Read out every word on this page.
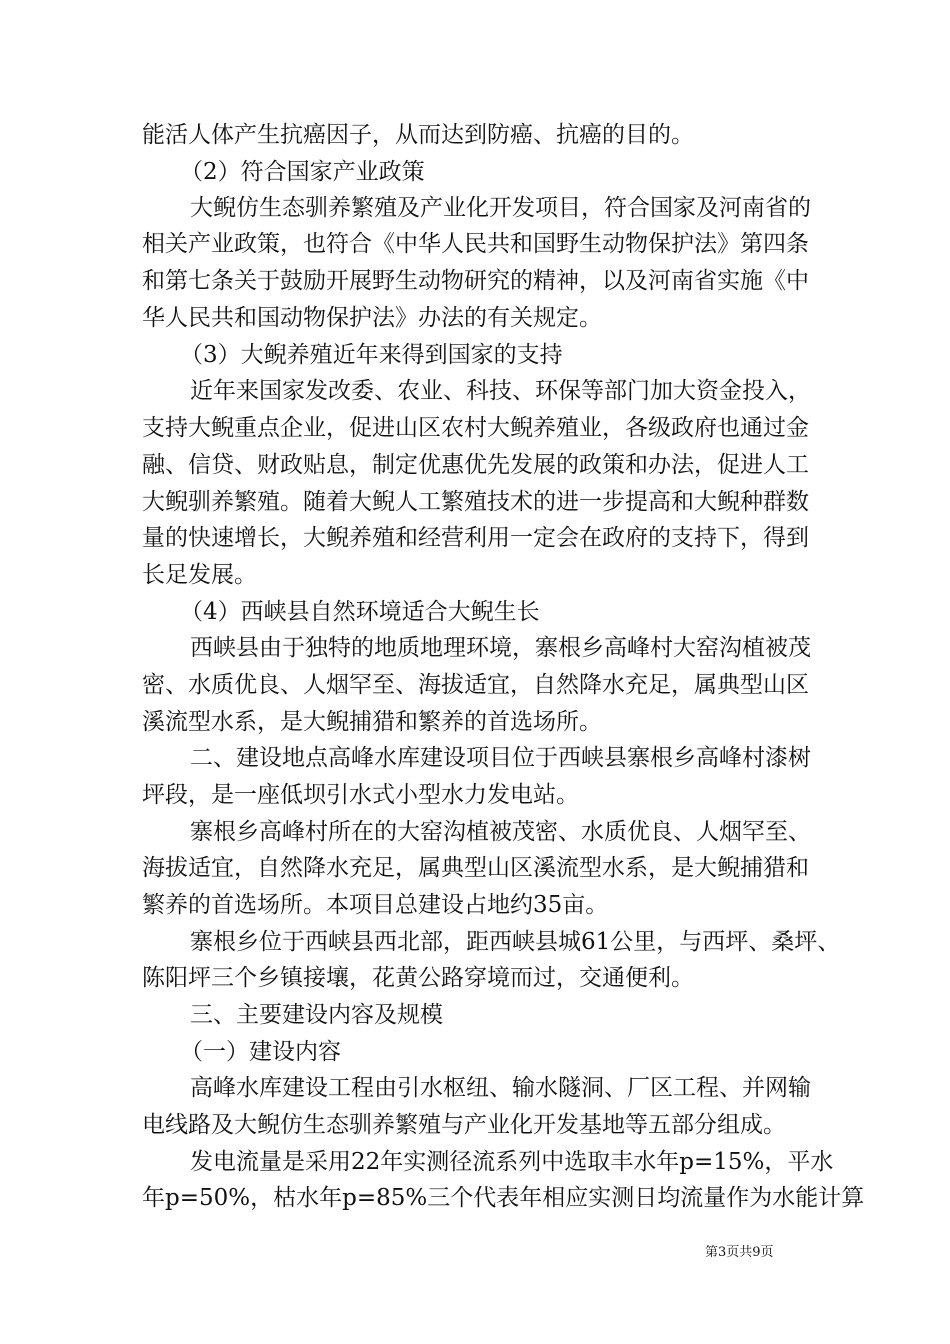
能活人体产生抗癌因子，从而达到防癌、抗癌的目的。
（2）符合国家产业政策
大鲵仿生态驯养繁殖及产业化开发项目，符合国家及河南省的
相关产业政策，也符合《中华人民共和国野生动物保护法》第四条
和第七条关于鼓励开展野生动物研究的精神，以及河南省实施《中
华人民共和国动物保护法》办法的有关规定。
（3）大鲵养殖近年来得到国家的支持
近年来国家发改委、农业、科技、环保等部门加大资金投入，
支持大鲵重点企业，促进山区农村大鲵养殖业，各级政府也通过金
融、信贷、财政贴息，制定优惠优先发展的政策和办法，促进人工
大鲵驯养繁殖。随着大鲵人工繁殖技术的进一步提高和大鲵种群数
量的快速增长，大鲵养殖和经营利用一定会在政府的支持下，得到
长足发展。
（4）西峡县自然环境适合大鲵生长
西峡县由于独特的地质地理环境，寨根乡高峰村大窑沟植被茂
密、水质优良、人烟罕至、海拔适宜，自然降水充足，属典型山区
溪流型水系，是大鲵捕猎和繁养的首选场所。
二、建设地点高峰水库建设项目位于西峡县寨根乡高峰村漆树
坪段，是一座低坝引水式小型水力发电站。
寨根乡高峰村所在的大窑沟植被茂密、水质优良、人烟罕至、
海拔适宜，自然降水充足，属典型山区溪流型水系，是大鲵捕猎和
繁养的首选场所。本项目总建设占地约35亩。
寨根乡位于西峡县西北部，距西峡县城61公里，与西坪、桑坪、
陈阳坪三个乡镇接壤，花黄公路穿境而过，交通便利。
三、主要建设内容及规模
（一）建设内容
高峰水库建设工程由引水枢纽、输水隧洞、厂区工程、并网输
电线路及大鲵仿生态驯养繁殖与产业化开发基地等五部分组成。
发电流量是采用22年实测径流系列中选取丰水年p=15%，平水
年p=50%，枯水年p=85%三个代表年相应实测日均流量作为水能计算
第3页共9页
